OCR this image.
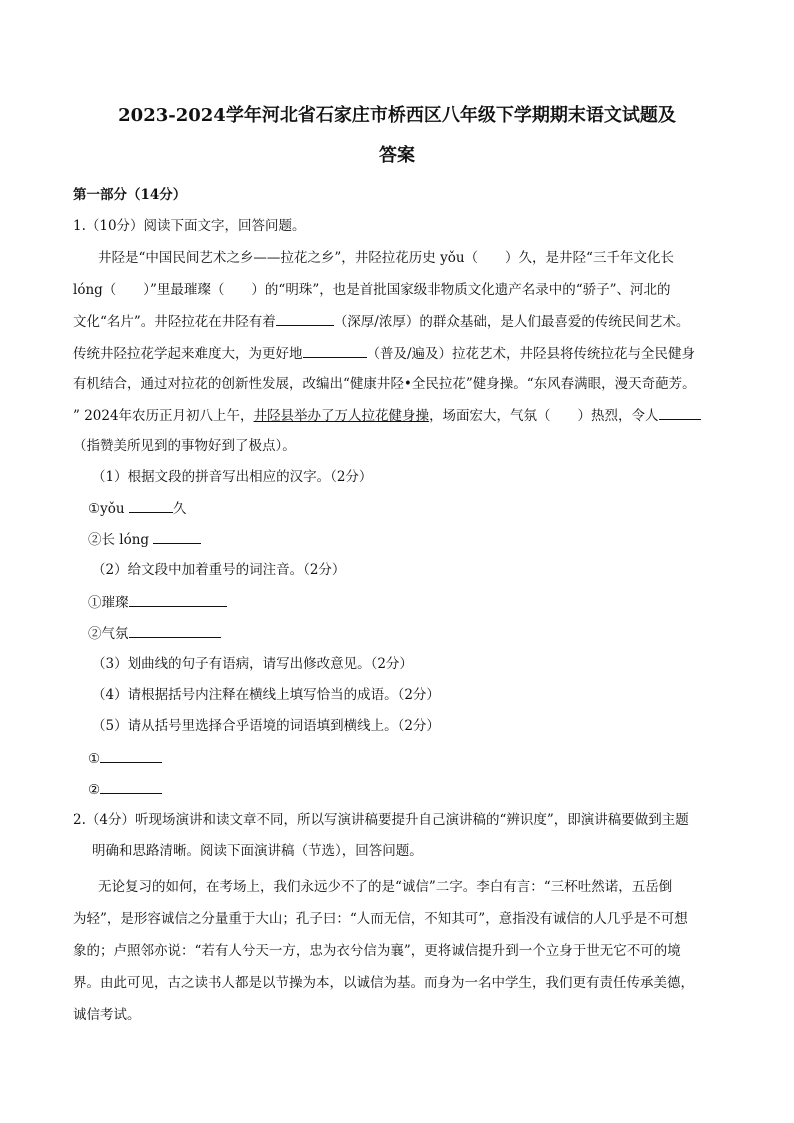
2023-2024学年河北省石家庄市桥西区八年级下学期期末语文试题及
答案
第一部分（14分）
1.（10分）阅读下面文字，回答问题。
井陉是“中国民间艺术之乡——拉花之乡”，井陉拉花历史 yǒu（　　）久，是井陉“三千年文化长
lóng（　　）”里最璀璨（　　）的“明珠”，也是首批国家级非物质文化遗产名录中的“骄子”、河北的
文化“名片”。井陉拉花在井陉有着	（深厚/浓厚）的群众基础，是人们最喜爱的传统民间艺术。
传统井陉拉花学起来难度大，为更好地	（普及/遍及）拉花艺术，井陉县将传统拉花与全民健身
有机结合，通过对拉花的创新性发展，改编出“健康井陉•全民拉花”健身操。“东风春满眼，漫天奇葩芳。
” 2024年农历正月初八上午，井陉县举办了万人拉花健身操，场面宏大，气氛（　　）热烈，令人
（指赞美所见到的事物好到了极点）。
（1）根据文段的拼音写出相应的汉字。（2分）
①yǒu	久
②长 lóng
（2）给文段中加着重号的词注音。（2分）
①璀璨
②气氛
（3）划曲线的句子有语病，请写出修改意见。（2分）
（4）请根据括号内注释在横线上填写恰当的成语。（2分）
（5）请从括号里选择合乎语境的词语填到横线上。（2分）
①
②
2.（4分）听现场演讲和读文章不同，所以写演讲稿要提升自己演讲稿的“辨识度”，即演讲稿要做到主题
明确和思路清晰。阅读下面演讲稿（节选），回答问题。
无论复习的如何，在考场上，我们永远少不了的是“诚信”二字。李白有言：“三杯吐然诺，五岳倒
为轻”，是形容诚信之分量重于大山；孔子曰：“人而无信，不知其可”，意指没有诚信的人几乎是不可想
象的；卢照邻亦说：“若有人兮天一方，忠为衣兮信为襄”，更将诚信提升到一个立身于世无它不可的境
界。由此可见，古之读书人都是以节操为本，以诚信为基。而身为一名中学生，我们更有责任传承美德，
诚信考试。
